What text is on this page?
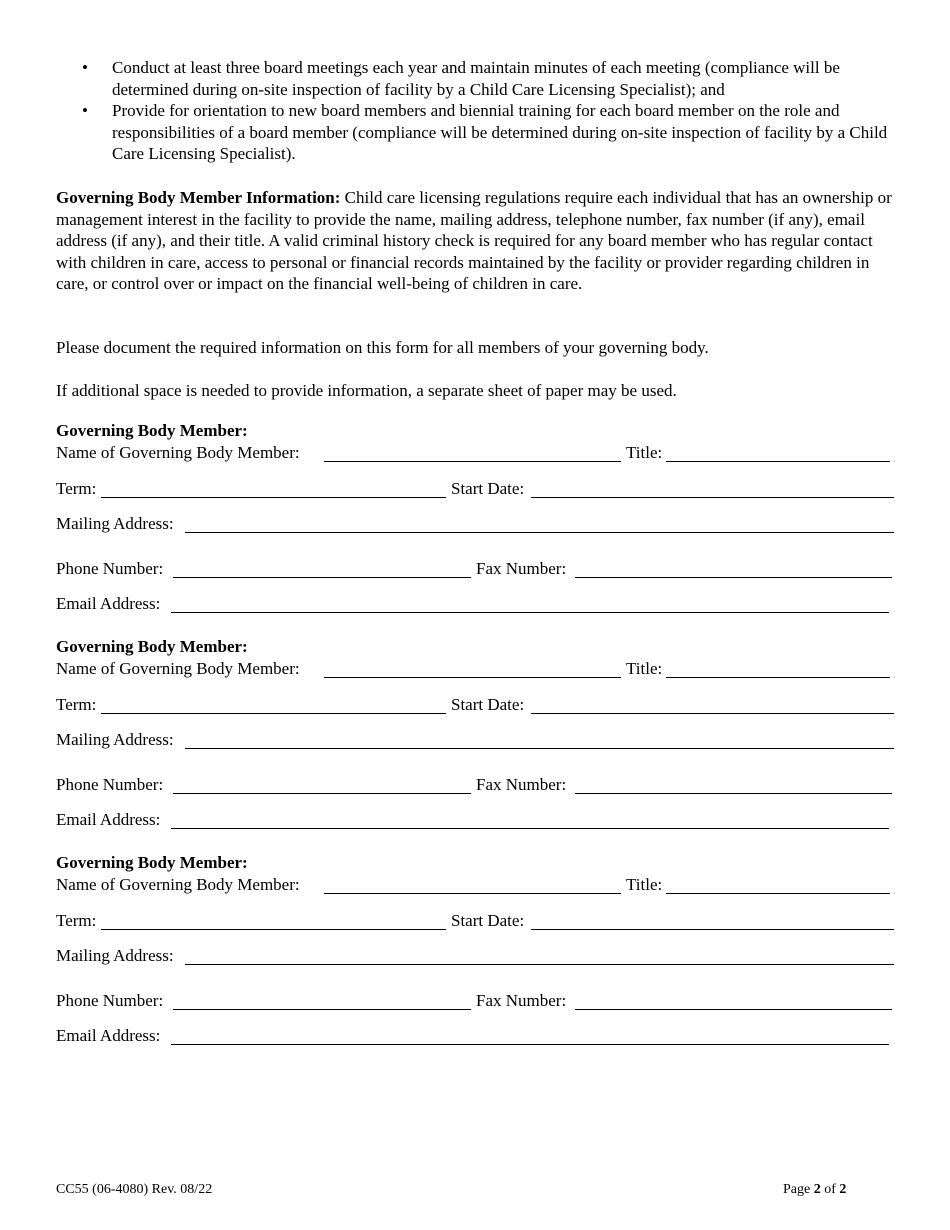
• Conduct at least three board meetings each year and maintain minutes of each meeting (compliance will be determined during on-site inspection of facility by a Child Care Licensing Specialist); and
• Provide for orientation to new board members and biennial training for each board member on the role and responsibilities of a board member (compliance will be determined during on-site inspection of facility by a Child Care Licensing Specialist).

Governing Body Member Information: Child care licensing regulations require each individual that has an ownership or management interest in the facility to provide the name, mailing address, telephone number, fax number (if any), email address (if any), and their title. A valid criminal history check is required for any board member who has regular contact with children in care, access to personal or financial records maintained by the facility or provider regarding children in care, or control over or impact on the financial well-being of children in care.

Please document the required information on this form for all members of your governing body.

If additional space is needed to provide information, a separate sheet of paper may be used.

Governing Body Member:
Name of Governing Body Member:	Title:
Term:	Start Date:
Mailing Address:
Phone Number:	Fax Number:
Email Address:
Governing Body Member:
Name of Governing Body Member:	Title:
Term:	Start Date:
Mailing Address:
Phone Number:	Fax Number:
Email Address:
Governing Body Member:
Name of Governing Body Member:	Title:
Term:	Start Date:
Mailing Address:
Phone Number:	Fax Number:
Email Address:
CC55 (06-4080) Rev. 08/22	Page 2 of 2
